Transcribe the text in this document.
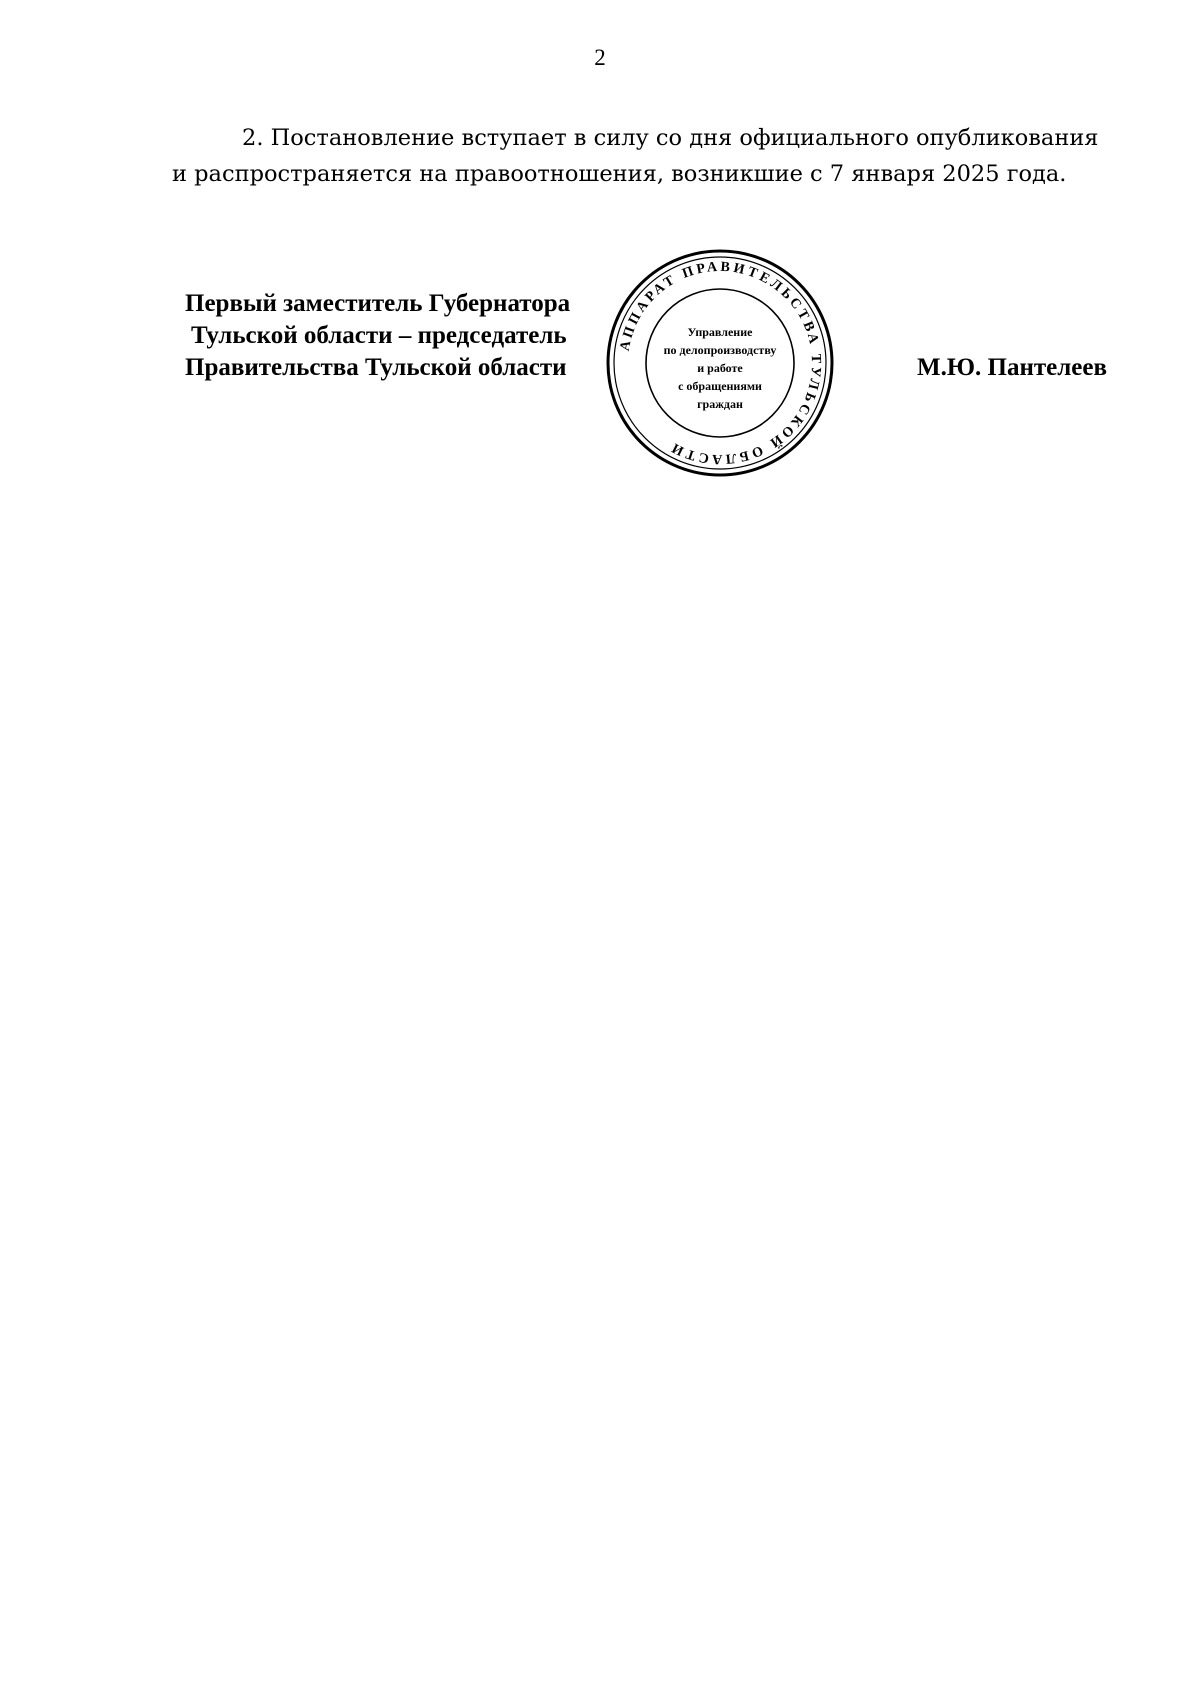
2
2. Постановление вступает в силу со дня официального опубликования
и распространяется на правоотношения, возникшие с 7 января 2025 года.
Первый заместитель Губернатора
Тульской области – председатель
Правительства Тульской области	М.Ю. Пантелеев
АППАРАТ ПРАВИТЕЛЬСТВА ТУЛЬСКОЙ ОБЛАСТИ
Управление
по делопроизводству
и работе
с обращениями
граждан
